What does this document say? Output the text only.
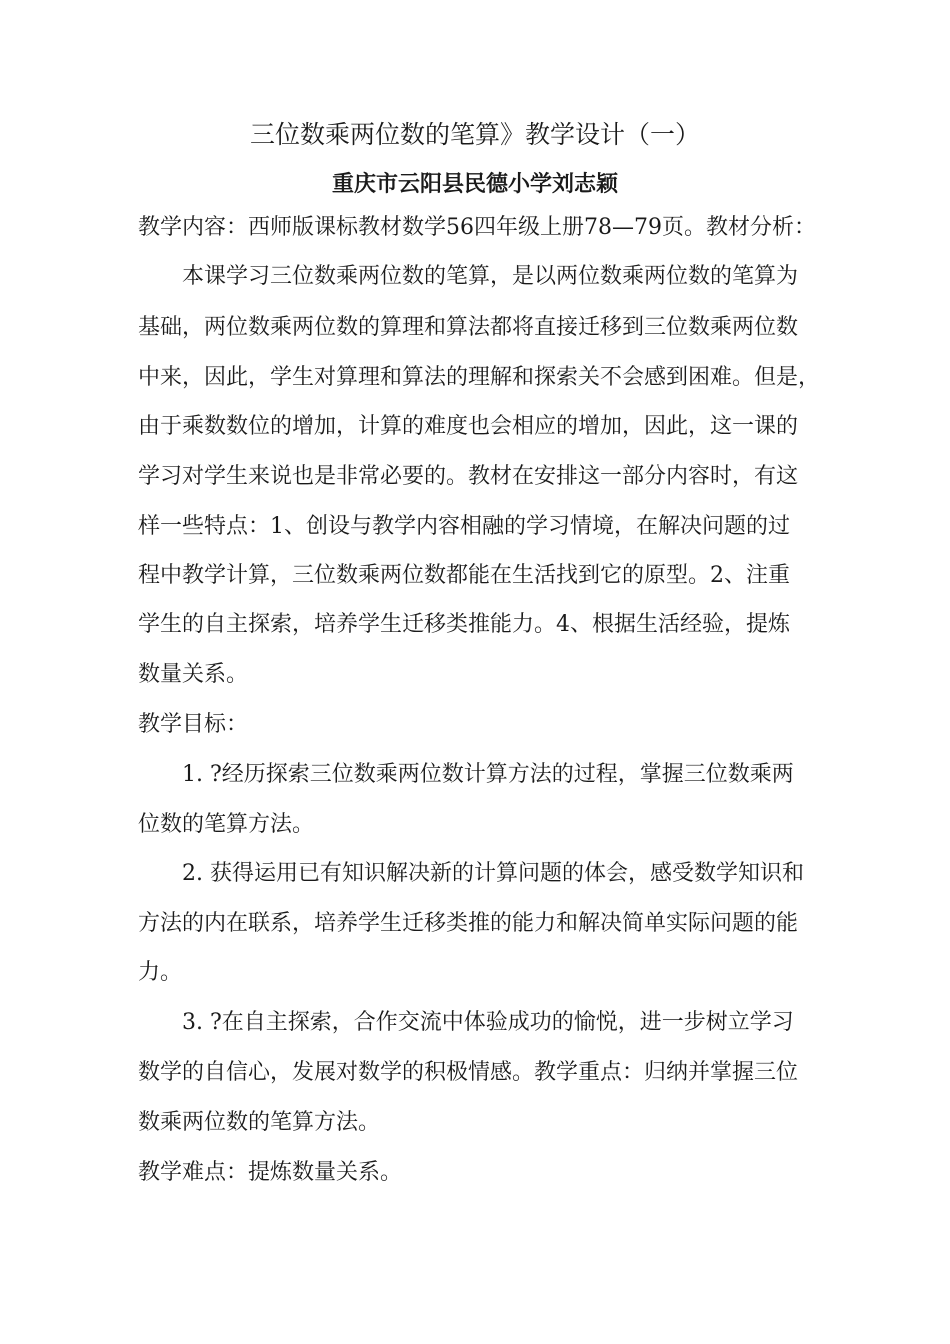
三位数乘两位数的笔算》教学设计（一）
重庆市云阳县民德小学刘志颖
教学内容：西师版课标教材数学56四年级上册78—79页。教材分析：
本课学习三位数乘两位数的笔算，是以两位数乘两位数的笔算为
基础，两位数乘两位数的算理和算法都将直接迁移到三位数乘两位数
中来，因此，学生对算理和算法的理解和探索关不会感到困难。但是，
由于乘数数位的增加，计算的难度也会相应的增加，因此，这一课的
学习对学生来说也是非常必要的。教材在安排这一部分内容时，有这
样一些特点：1、创设与教学内容相融的学习情境，在解决问题的过
程中教学计算，三位数乘两位数都能在生活找到它的原型。2、注重
学生的自主探索，培养学生迁移类推能力。4、根据生活经验，提炼
数量关系。
教学目标：
1. ?经历探索三位数乘两位数计算方法的过程，掌握三位数乘两
位数的笔算方法。
2. 获得运用已有知识解决新的计算问题的体会，感受数学知识和
方法的内在联系，培养学生迁移类推的能力和解决简单实际问题的能
力。
3. ?在自主探索，合作交流中体验成功的愉悦，进一步树立学习
数学的自信心，发展对数学的积极情感。教学重点：归纳并掌握三位
数乘两位数的笔算方法。
教学难点：提炼数量关系。
